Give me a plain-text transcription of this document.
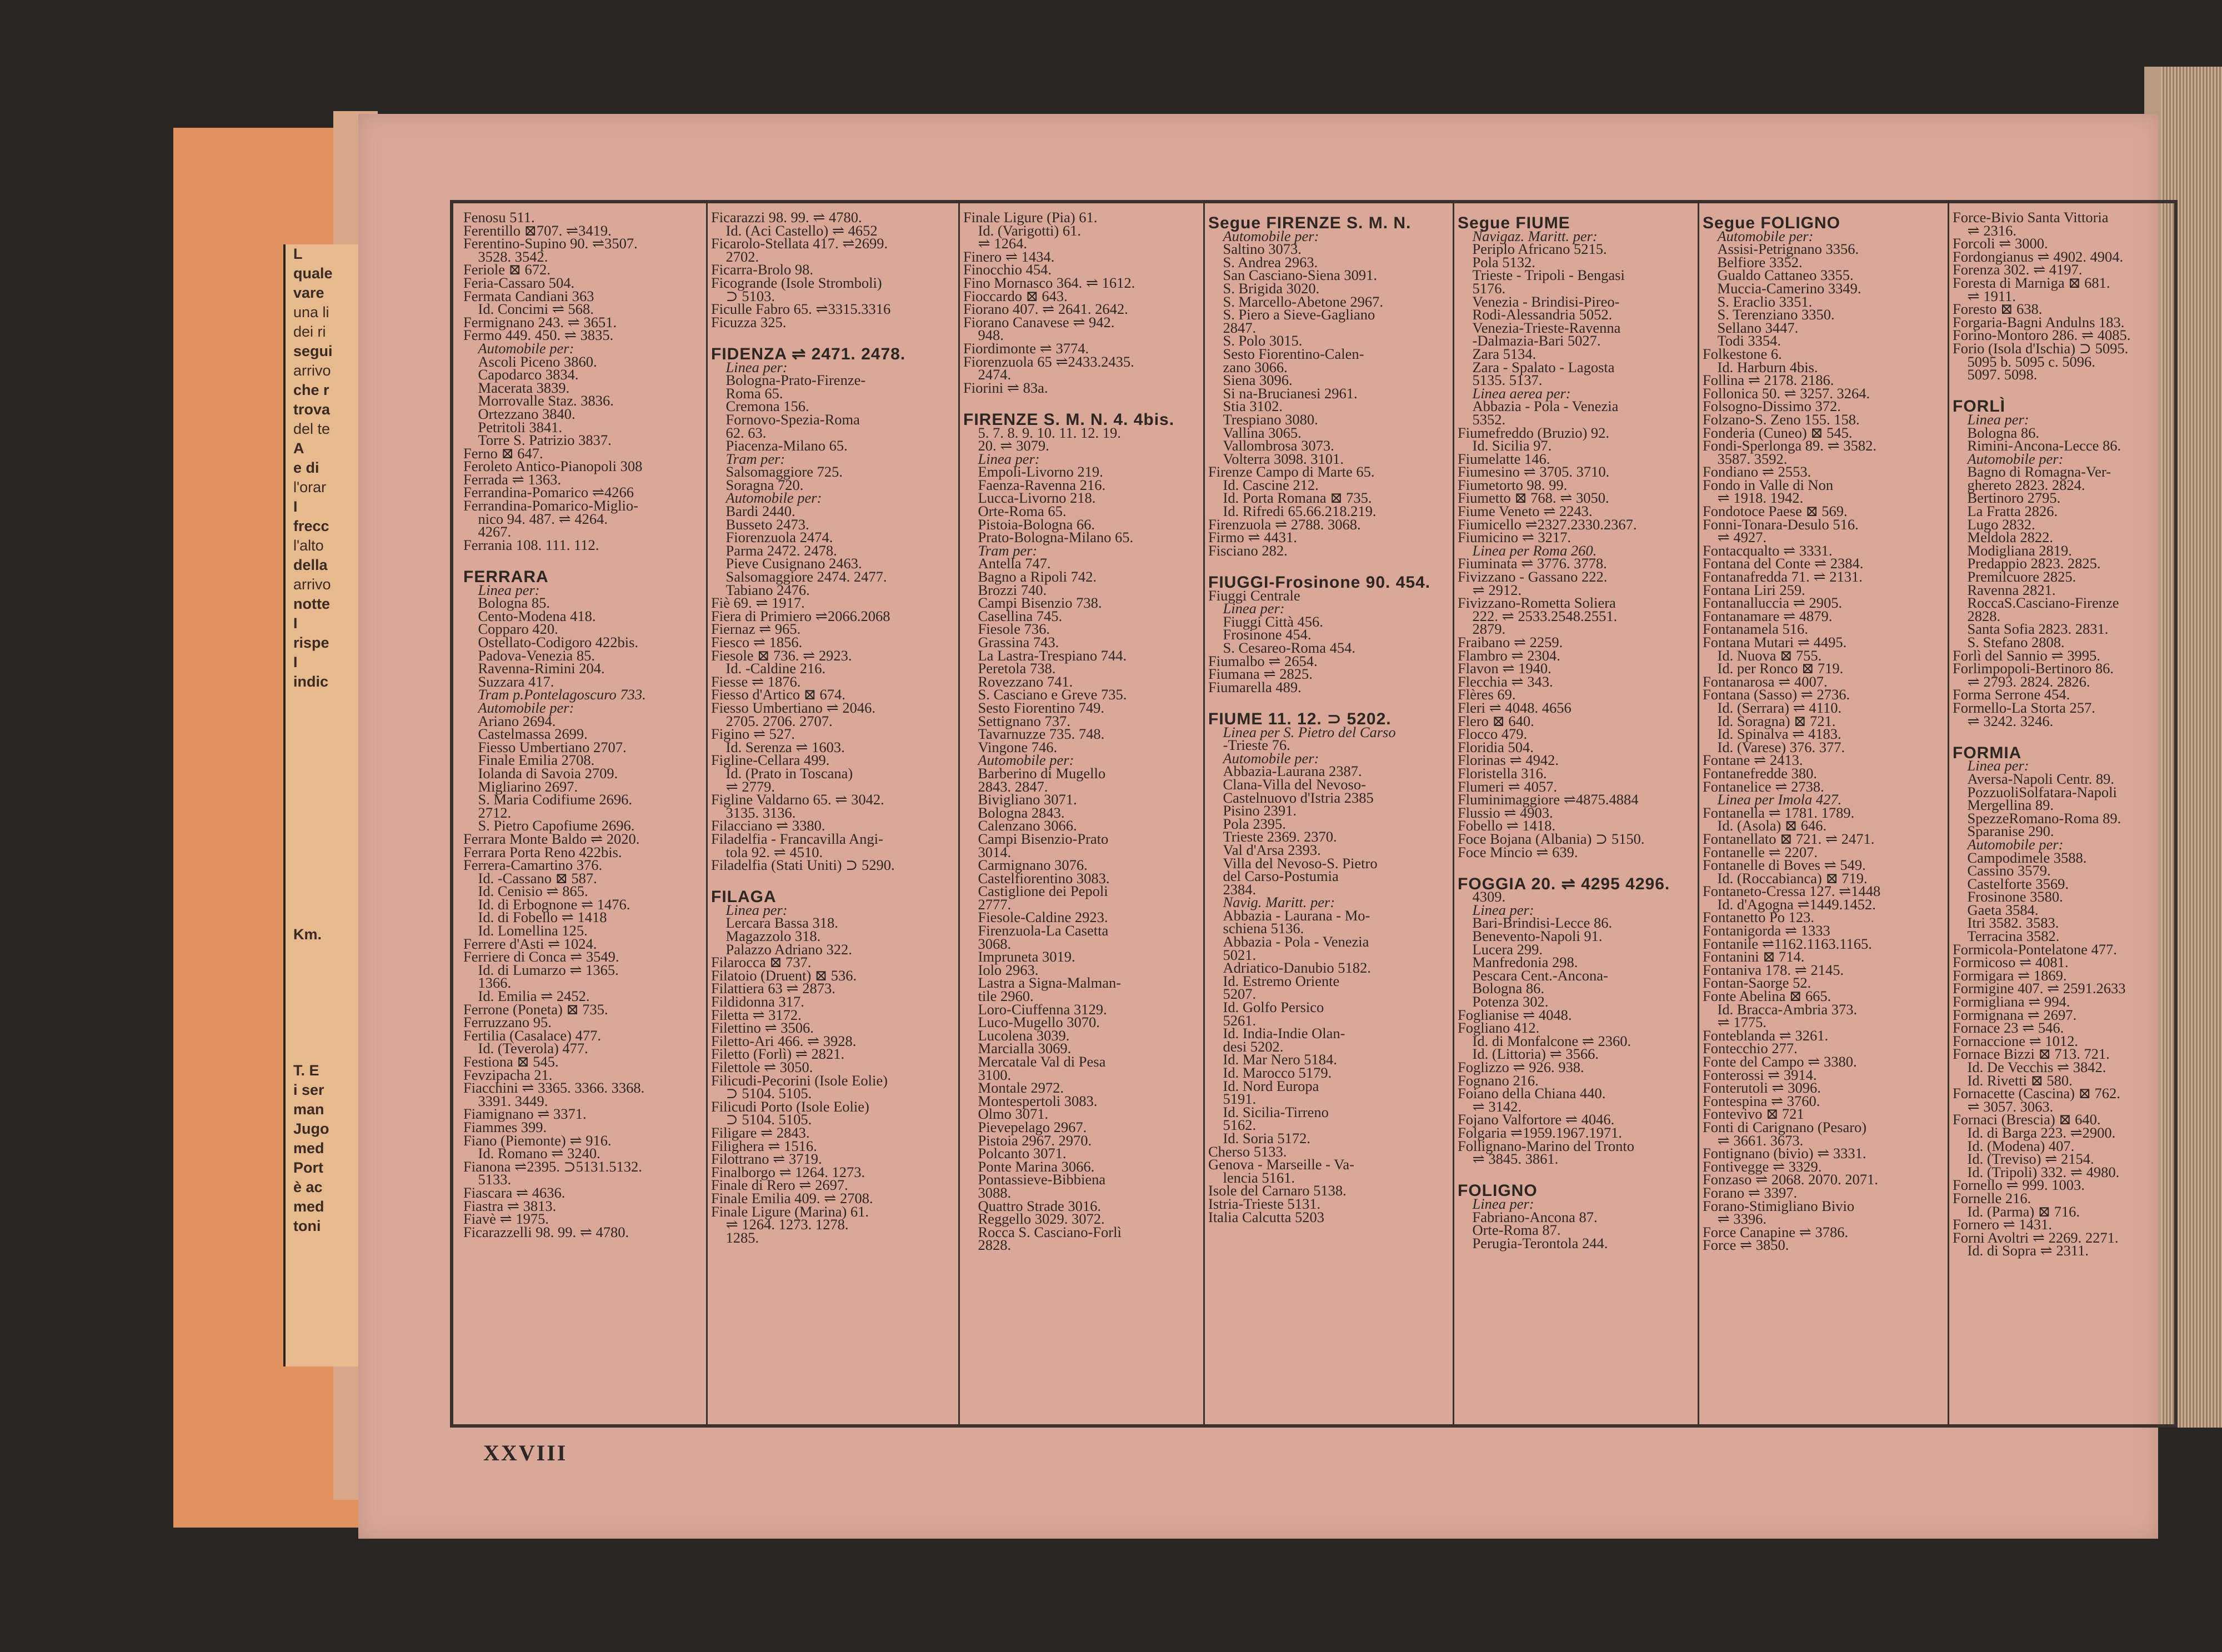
L
quale
vare
una li
dei ri
segui
arrivo
che r
trova
del te
A
e di
l'orar
I
frecc
l'alto
della
arrivo
notte
I
rispe
I
indic

Km.

T. E
i ser
man
Jugo
med
Port
è ac
med
toni
Fenosu 511.
Ferentillo ⊠707. ⇌3419.
Ferentino-Supino 90. ⇌3507.
 3528. 3542.
Feriole ⊠ 672.
Feria-Cassaro 504.
Fermata Candiani 363
 Id. Concimi ⇌ 568.
Fermignano 243. ⇌ 3651.
Fermo 449. 450. ⇌ 3835.
 Automobile per:
 Ascoli Piceno 3860.
 Capodarco 3834.
 Macerata 3839.
 Morrovalle Staz. 3836.
 Ortezzano 3840.
 Petritoli 3841.
 Torre S. Patrizio 3837.
Ferno ⊠ 647.
Feroleto Antico-Pianopoli 308
Ferrada ⇌ 1363.
Ferrandina-Pomarico ⇌4266
Ferrandina-Pomarico-Miglio-
 nico 94. 487. ⇌ 4264.
 4267.
Ferrania 108. 111. 112.

FERRARA
 Linea per:
 Bologna 85.
 Cento-Modena 418.
 Copparo 420.
 Ostellato-Codigoro 422bis.
 Padova-Venezia 85.
 Ravenna-Rimini 204.
 Suzzara 417.
 Tram p.Pontelagoscuro 733.
 Automobile per:
 Ariano 2694.
 Castelmassa 2699.
 Fiesso Umbertiano 2707.
 Finale Emilia 2708.
 Iolanda di Savoia 2709.
 Migliarino 2697.
 S. Maria Codifiume 2696.
 2712.
 S. Pietro Capofiume 2696.
Ferrara Monte Baldo ⇌ 2020.
Ferrara Porta Reno 422bis.
Ferrera-Camartino 376.
 Id. -Cassano ⊠ 587.
 Id. Cenisio ⇌ 865.
 Id. di Erbognone ⇌ 1476.
 Id. di Fobello ⇌ 1418
 Id. Lomellina 125.
Ferrere d'Asti ⇌ 1024.
Ferriere di Conca ⇌ 3549.
 Id. di Lumarzo ⇌ 1365.
 1366.
 Id. Emilia ⇌ 2452.
Ferrone (Poneta) ⊠ 735.
Ferruzzano 95.
Fertilia (Casalace) 477.
 Id. (Teverola) 477.
Festiona ⊠ 545.
Fevzipacha 21.
Fiacchini ⇌ 3365. 3366. 3368.
 3391. 3449.
Fiamignano ⇌ 3371.
Fiammes 399.
Fiano (Piemonte) ⇌ 916.
 Id. Romano ⇌ 3240.
Fianona ⇌2395. ⊃5131.5132.
 5133.
Fiascara ⇌ 4636.
Fiastra ⇌ 3813.
Fiavè ⇌ 1975.
Ficarazzelli 98. 99. ⇌ 4780.
Ficarazzi 98. 99. ⇌ 4780.
 Id. (Aci Castello) ⇌ 4652
Ficarolo-Stellata 417. ⇌2699.
 2702.
Ficarra-Brolo 98.
Ficogrande (Isole Stromboli)
 ⊃ 5103.
Ficulle Fabro 65. ⇌3315.3316
Ficuzza 325.

FIDENZA ⇌ 2471. 2478.
 Linea per:
 Bologna-Prato-Firenze-
 Roma 65.
 Cremona 156.
 Fornovo-Spezia-Roma
 62. 63.
 Piacenza-Milano 65.
 Tram per:
 Salsomaggiore 725.
 Soragna 720.
 Automobile per:
 Bardi 2440.
 Busseto 2473.
 Fiorenzuola 2474.
 Parma 2472. 2478.
 Pieve Cusignano 2463.
 Salsomaggiore 2474. 2477.
 Tabiano 2476.
Fiè 69. ⇌ 1917.
Fiera di Primiero ⇌2066.2068
Fiernaz ⇌ 965.
Fiesco ⇌ 1856.
Fiesole ⊠ 736. ⇌ 2923.
 Id. -Caldine 216.
Fiesse ⇌ 1876.
Fiesso d'Artico ⊠ 674.
Fiesso Umbertiano ⇌ 2046.
 2705. 2706. 2707.
Figino ⇌ 527.
 Id. Serenza ⇌ 1603.
Figline-Cellara 499.
 Id. (Prato in Toscana)
 ⇌ 2779.
Figline Valdarno 65. ⇌ 3042.
 3135. 3136.
Filacciano ⇌ 3380.
Filadelfia - Francavilla Angi-
 tola 92. ⇌ 4510.
Filadelfia (Stati Uniti) ⊃ 5290.

FILAGA
 Linea per:
 Lercara Bassa 318.
 Magazzolo 318.
 Palazzo Adriano 322.
Filarocca ⊠ 737.
Filatoio (Druent) ⊠ 536.
Filattiera 63 ⇌ 2873.
Fildidonna 317.
Filetta ⇌ 3172.
Filettino ⇌ 3506.
Filetto-Ari 466. ⇌ 3928.
Filetto (Forlì) ⇌ 2821.
Filettole ⇌ 3050.
Filicudi-Pecorini (Isole Eolie)
 ⊃ 5104. 5105.
Filicudi Porto (Isole Eolie)
 ⊃ 5104. 5105.
Filigare ⇌ 2843.
Filighera ⇌ 1516.
Filottrano ⇌ 3719.
Finalborgo ⇌ 1264. 1273.
Finale di Rero ⇌ 2697.
Finale Emilia 409. ⇌ 2708.
Finale Ligure (Marina) 61.
 ⇌ 1264. 1273. 1278.
 1285.
Finale Ligure (Pia) 61.
 Id. (Varigotti) 61.
 ⇌ 1264.
Finero ⇌ 1434.
Finocchio 454.
Fino Mornasco 364. ⇌ 1612.
Fioccardo ⊠ 643.
Fiorano 407. ⇌ 2641. 2642.
Fiorano Canavese ⇌ 942.
 948.
Fiordimonte ⇌ 3774.
Fiorenzuola 65 ⇌2433.2435.
 2474.
Fiorini ⇌ 83a.

FIRENZE S. M. N. 4. 4bis.
 5. 7. 8. 9. 10. 11. 12. 19.
 20. ⇌ 3079.
 Linea per:
 Empoli-Livorno 219.
 Faenza-Ravenna 216.
 Lucca-Livorno 218.
 Orte-Roma 65.
 Pistoia-Bologna 66.
 Prato-Bologna-Milano 65.
 Tram per:
 Antella 747.
 Bagno a Ripoli 742.
 Brozzi 740.
 Campi Bisenzio 738.
 Casellina 745.
 Fiesole 736.
 Grassina 743.
 La Lastra-Trespiano 744.
 Peretola 738.
 Rovezzano 741.
 S. Casciano e Greve 735.
 Sesto Fiorentino 749.
 Settignano 737.
 Tavarnuzze 735. 748.
 Vingone 746.
 Automobile per:
 Barberino di Mugello
 2843. 2847.
 Bivigliano 3071.
 Bologna 2843.
 Calenzano 3066.
 Campi Bisenzio-Prato
 3014.
 Carmignano 3076.
 Castelfiorentino 3083.
 Castiglione dei Pepoli
 2777.
 Fiesole-Caldine 2923.
 Firenzuola-La Casetta
 3068.
 Impruneta 3019.
 Iolo 2963.
 Lastra a Signa-Malman-
 tile 2960.
 Loro-Ciuffenna 3129.
 Luco-Mugello 3070.
 Lucolena 3039.
 Marcialla 3069.
 Mercatale Val di Pesa
 3100.
 Montale 2972.
 Montespertoli 3083.
 Olmo 3071.
 Pievepelago 2967.
 Pistoia 2967. 2970.
 Polcanto 3071.
 Ponte Marina 3066.
 Pontassieve-Bibbiena
 3088.
 Quattro Strade 3016.
 Reggello 3029. 3072.
 Rocca S. Casciano-Forlì
 2828.
Segue FIRENZE S. M. N.
 Automobile per:
 Saltino 3073.
 S. Andrea 2963.
 San Casciano-Siena 3091.
 S. Brigida 3020.
 S. Marcello-Abetone 2967.
 S. Piero a Sieve-Gagliano
 2847.
 S. Polo 3015.
 Sesto Fiorentino-Calen-
 zano 3066.
 Siena 3096.
 Si na-Brucianesi 2961.
 Stia 3102.
 Trespiano 3080.
 Vallina 3065.
 Vallombrosa 3073.
 Volterra 3098. 3101.
Firenze Campo di Marte 65.
 Id. Cascine 212.
 Id. Porta Romana ⊠ 735.
 Id. Rifredi 65.66.218.219.
Firenzuola ⇌ 2788. 3068.
Firmo ⇌ 4431.
Fisciano 282.

FIUGGI-Frosinone 90. 454.
Fiuggi Centrale
 Linea per:
 Fiuggi Città 456.
 Frosinone 454.
 S. Cesareo-Roma 454.
Fiumalbo ⇌ 2654.
Fiumana ⇌ 2825.
Fiumarella 489.

FIUME 11. 12. ⊃ 5202.
 Linea per S. Pietro del Carso
 -Trieste 76.
 Automobile per:
 Abbazia-Laurana 2387.
 Clana-Villa del Nevoso-
 Castelnuovo d'Istria 2385
 Pisino 2391.
 Pola 2395.
 Trieste 2369. 2370.
 Val d'Arsa 2393.
 Villa del Nevoso-S. Pietro
 del Carso-Postumia
 2384.
 Navig. Maritt. per:
 Abbazia - Laurana - Mo-
 schiena 5136.
 Abbazia - Pola - Venezia
 5021.
 Adriatico-Danubio 5182.
 Id. Estremo Oriente
 5207.
 Id. Golfo Persico
 5261.
 Id. India-Indie Olan-
 desi 5202.
 Id. Mar Nero 5184.
 Id. Marocco 5179.
 Id. Nord Europa
 5191.
 Id. Sicilia-Tirreno
 5162.
 Id. Soria 5172.
Cherso 5133.
Genova - Marseille - Va-
 lencia 5161.
Isole del Carnaro 5138.
Istria-Trieste 5131.
Italia Calcutta 5203
Segue FIUME
 Navigaz. Maritt. per:
 Periplo Africano 5215.
 Pola 5132.
 Trieste - Tripoli - Bengasi
 5176.
 Venezia - Brindisi-Pireo-
 Rodi-Alessandria 5052.
 Venezia-Trieste-Ravenna
 -Dalmazia-Bari 5027.
 Zara 5134.
 Zara - Spalato - Lagosta
 5135. 5137.
 Linea aerea per:
 Abbazia - Pola - Venezia
 5352.
Fiumefreddo (Bruzio) 92.
 Id. Sicilia 97.
Fiumelatte 146.
Fiumesino ⇌ 3705. 3710.
Fiumetorto 98. 99.
Fiumetto ⊠ 768. ⇌ 3050.
Fiume Veneto ⇌ 2243.
Fiumicello ⇌2327.2330.2367.
Fiumicino ⇌ 3217.
 Linea per Roma 260.
Fiuminata ⇌ 3776. 3778.
Fivizzano - Gassano 222.
 ⇌ 2912.
Fivizzano-Rometta Soliera
 222. ⇌ 2533.2548.2551.
 2879.
Fraibano ⇌ 2259.
Flambro ⇌ 2304.
Flavon ⇌ 1940.
Flecchia ⇌ 343.
Flères 69.
Fleri ⇌ 4048. 4656
Flero ⊠ 640.
Flocco 479.
Floridia 504.
Florinas ⇌ 4942.
Floristella 316.
Flumeri ⇌ 4057.
Fluminimaggiore ⇌4875.4884
Flussio ⇌ 4903.
Fobello ⇌ 1418.
Foce Bojana (Albania) ⊃ 5150.
Foce Mincio ⇌ 639.

FOGGIA 20. ⇌ 4295 4296.
 4309.
 Linea per:
 Bari-Brindisi-Lecce 86.
 Benevento-Napoli 91.
 Lucera 299.
 Manfredonia 298.
 Pescara Cent.-Ancona-
 Bologna 86.
 Potenza 302.
Foglianise ⇌ 4048.
Fogliano 412.
 Id. di Monfalcone ⇌ 2360.
 Id. (Littoria) ⇌ 3566.
Foglizzo ⇌ 926. 938.
Fognano 216.
Foiano della Chiana 440.
 ⇌ 3142.
Fojano Valfortore ⇌ 4046.
Folgaria ⇌1959.1967.1971.
Follignano-Marino del Tronto
 ⇌ 3845. 3861.

FOLIGNO
 Linea per:
 Fabriano-Ancona 87.
 Orte-Roma 87.
 Perugia-Terontola 244.
Segue FOLIGNO
 Automobile per:
 Assisi-Petrignano 3356.
 Belfiore 3352.
 Gualdo Cattaneo 3355.
 Muccia-Camerino 3349.
 S. Eraclio 3351.
 S. Terenziano 3350.
 Sellano 3447.
 Todi 3354.
Folkestone 6.
 Id. Harburn 4bis.
Follina ⇌ 2178. 2186.
Follonica 50. ⇌ 3257. 3264.
Folsogno-Dissimo 372.
Folzano-S. Zeno 155. 158.
Fonderia (Cuneo) ⊠ 545.
Fondi-Sperlonga 89. ⇌ 3582.
 3587. 3592.
Fondiano ⇌ 2553.
Fondo in Valle di Non
 ⇌ 1918. 1942.
Fondotoce Paese ⊠ 569.
Fonni-Tonara-Desulo 516.
 ⇌ 4927.
Fontacqualto ⇌ 3331.
Fontana del Conte ⇌ 2384.
Fontanafredda 71. ⇌ 2131.
Fontana Liri 259.
Fontanalluccia ⇌ 2905.
Fontanamare ⇌ 4879.
Fontanamela 516.
Fontana Mutari ⇌ 4495.
 Id. Nuova ⊠ 755.
 Id. per Ronco ⊠ 719.
Fontanarosa ⇌ 4007.
Fontana (Sasso) ⇌ 2736.
 Id. (Serrara) ⇌ 4110.
 Id. Soragna) ⊠ 721.
 Id. Spinalva ⇌ 4183.
 Id. (Varese) 376. 377.
Fontane ⇌ 2413.
Fontanefredde 380.
Fontanelice ⇌ 2738.
 Linea per Imola 427.
Fontanella ⇌ 1781. 1789.
 Id. (Asola) ⊠ 646.
Fontanellato ⊠ 721. ⇌ 2471.
Fontanelle ⇌ 2207.
Fontanelle di Boves ⇌ 549.
 Id. (Roccabianca) ⊠ 719.
Fontaneto-Cressa 127. ⇌1448
 Id. d'Agogna ⇌1449.1452.
Fontanetto Po 123.
Fontanigorda ⇌ 1333
Fontanile ⇌1162.1163.1165.
Fontanini ⊠ 714.
Fontaniva 178. ⇌ 2145.
Fontan-Saorge 52.
Fonte Abelina ⊠ 665.
 Id. Bracca-Ambria 373.
 ⇌ 1775.
Fonteblanda ⇌ 3261.
Fontecchio 277.
Fonte del Campo ⇌ 3380.
Fonterossi ⇌ 3914.
Fonterutoli ⇌ 3096.
Fontespina ⇌ 3760.
Fontevivo ⊠ 721
Fonti di Carignano (Pesaro)
 ⇌ 3661. 3673.
Fontignano (bivio) ⇌ 3331.
Fontivegge ⇌ 3329.
Fonzaso ⇌ 2068. 2070. 2071.
Forano ⇌ 3397.
Forano-Stimigliano Bivio
 ⇌ 3396.
Force Canapine ⇌ 3786.
Force ⇌ 3850.
Force-Bivio Santa Vittoria
 ⇌ 2316.
Forcoli ⇌ 3000.
Fordongianus ⇌ 4902. 4904.
Forenza 302. ⇌ 4197.
Foresta di Marniga ⊠ 681.
 ⇌ 1911.
Foresto ⊠ 638.
Forgaria-Bagni Andulns 183.
Forino-Montoro 286. ⇌ 4085.
Forio (Isola d'Ischia) ⊃ 5095.
 5095 b. 5095 c. 5096.
 5097. 5098.

FORLÌ
 Linea per:
 Bologna 86.
 Rimini-Ancona-Lecce 86.
 Automobile per:
 Bagno di Romagna-Ver-
 ghereto 2823. 2824.
 Bertinoro 2795.
 La Fratta 2826.
 Lugo 2832.
 Meldola 2822.
 Modigliana 2819.
 Predappio 2823. 2825.
 Premilcuore 2825.
 Ravenna 2821.
 RoccaS.Casciano-Firenze
 2828.
 Santa Sofia 2823. 2831.
 S. Stefano 2808.
Forlì del Sannio ⇌ 3995.
Forlimpopoli-Bertinoro 86.
 ⇌ 2793. 2824. 2826.
Forma Serrone 454.
Formello-La Storta 257.
 ⇌ 3242. 3246.

FORMIA
 Linea per:
 Aversa-Napoli Centr. 89.
 PozzuoliSolfatara-Napoli
 Mergellina 89.
 SpezzeRomano-Roma 89.
 Sparanise 290.
 Automobile per:
 Campodimele 3588.
 Cassino 3579.
 Castelforte 3569.
 Frosinone 3580.
 Gaeta 3584.
 Itri 3582. 3583.
 Terracina 3582.
Formicola-Pontelatone 477.
Formicoso ⇌ 4081.
Formigara ⇌ 1869.
Formigine 407. ⇌ 2591.2633
Formigliana ⇌ 994.
Formignana ⇌ 2697.
Fornace 23 ⇌ 546.
Fornaccione ⇌ 1012.
Fornace Bizzi ⊠ 713. 721.
 Id. De Vecchis ⇌ 3842.
 Id. Rivetti ⊠ 580.
Fornacette (Cascina) ⊠ 762.
 ⇌ 3057. 3063.
Fornaci (Brescia) ⊠ 640.
 Id. di Barga 223. ⇌2900.
 Id. (Modena) 407.
 Id. (Treviso) ⇌ 2154.
 Id. (Tripoli) 332. ⇌ 4980.
Fornello ⇌ 999. 1003.
Fornelle 216.
 Id. (Parma) ⊠ 716.
Fornero ⇌ 1431.
Forni Avoltri ⇌ 2269. 2271.
 Id. di Sopra ⇌ 2311.
XXVIII
